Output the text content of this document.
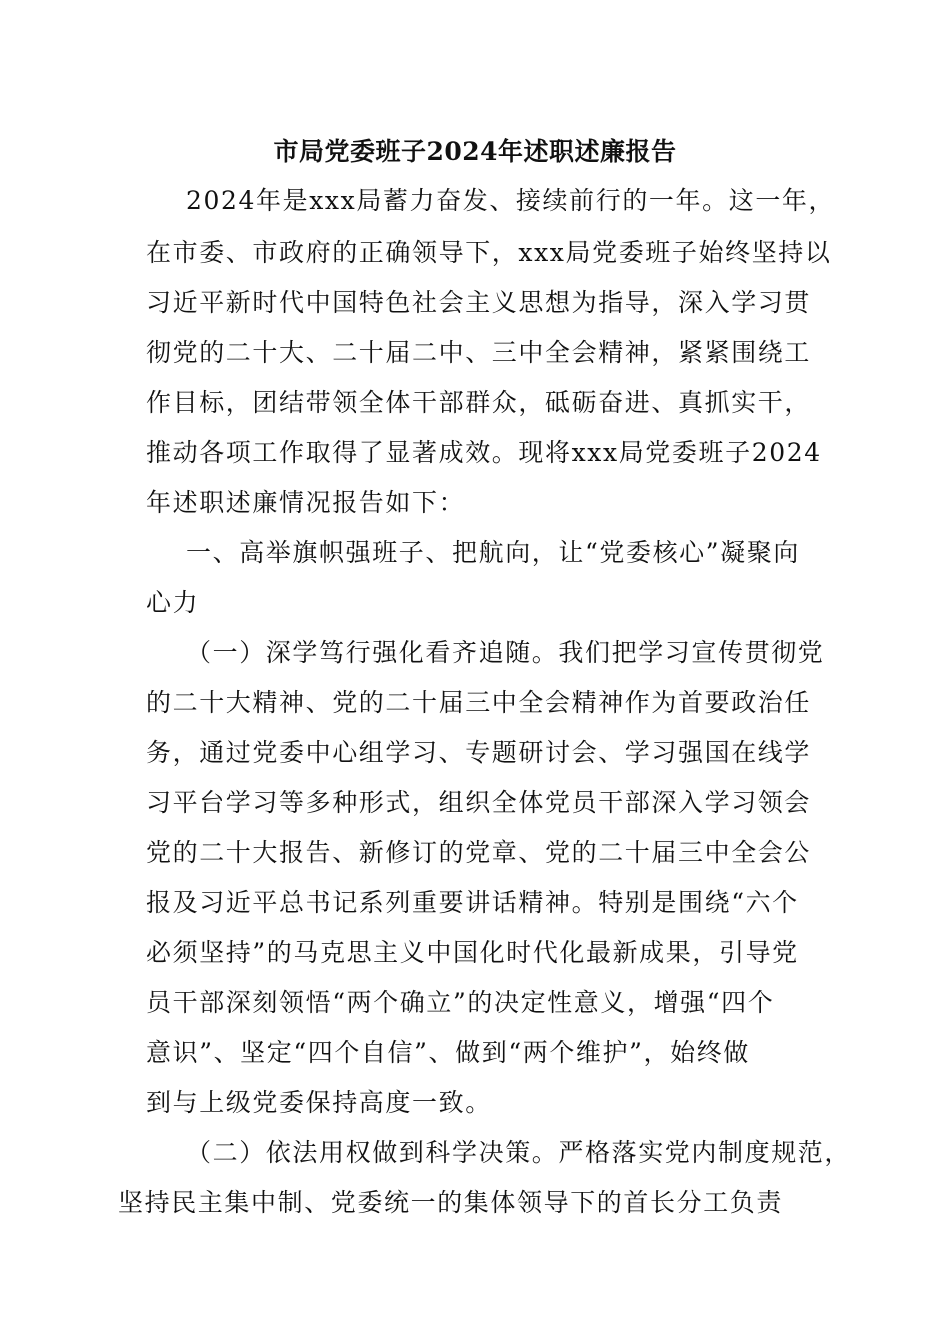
市局党委班子2024年述职述廉报告
2024年是xxx局蓄力奋发、接续前行的一年。这一年，
在市委、市政府的正确领导下，xxx局党委班子始终坚持以
习近平新时代中国特色社会主义思想为指导，深入学习贯
彻党的二十大、二十届二中、三中全会精神，紧紧围绕工
作目标，团结带领全体干部群众，砥砺奋进、真抓实干，
推动各项工作取得了显著成效。现将xxx局党委班子2024
年述职述廉情况报告如下：
一、高举旗帜强班子、把航向，让“党委核心”凝聚向
心力
（一）深学笃行强化看齐追随。我们把学习宣传贯彻党
的二十大精神、党的二十届三中全会精神作为首要政治任
务，通过党委中心组学习、专题研讨会、学习强国在线学
习平台学习等多种形式，组织全体党员干部深入学习领会
党的二十大报告、新修订的党章、党的二十届三中全会公
报及习近平总书记系列重要讲话精神。特别是围绕“六个
必须坚持”的马克思主义中国化时代化最新成果，引导党
员干部深刻领悟“两个确立”的决定性意义，增强“四个
意识”、坚定“四个自信”、做到“两个维护”，始终做
到与上级党委保持高度一致。
（二）依法用权做到科学决策。严格落实党内制度规范，
坚持民主集中制、党委统一的集体领导下的首长分工负责
